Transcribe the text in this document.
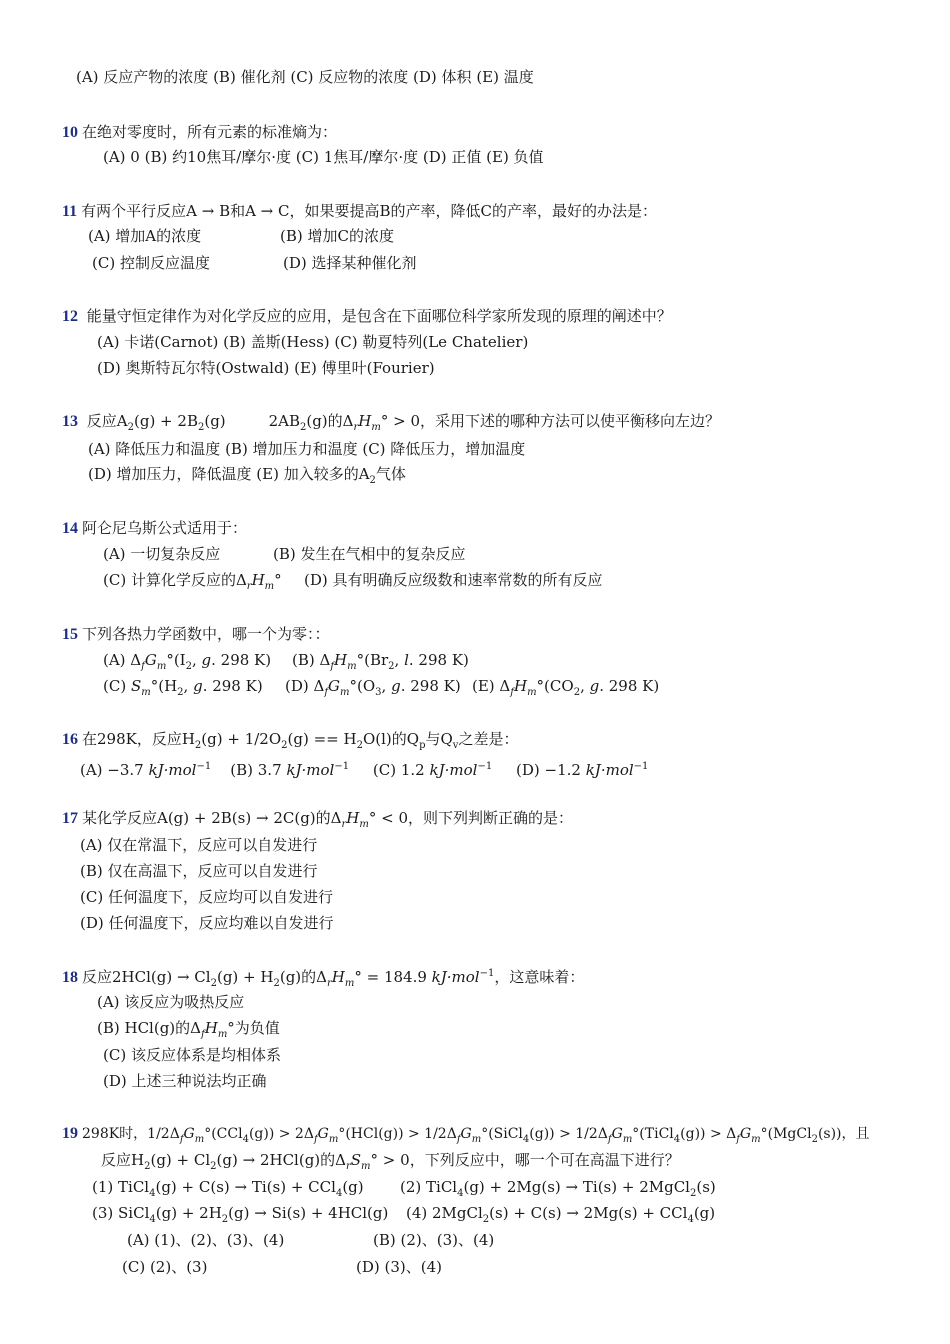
(A) 反应产物的浓度 (B) 催化剂 (C) 反应物的浓度 (D) 体积 (E) 温度
10 在绝对零度时，所有元素的标准熵为：
(A) 0 (B) 约10焦耳/摩尔·度 (C) 1焦耳/摩尔·度 (D) 正值 (E) 负值
11 有两个平行反应A → B和A → C，如果要提高B的产率，降低C的产率，最好的办法是：
(A) 增加A的浓度	(B) 增加C的浓度
(C) 控制反应温度	(D) 选择某种催化剂
12 能量守恒定律作为对化学反应的应用，是包含在下面哪位科学家所发现的原理的阐述中？
(A) 卡诺(Carnot) (B) 盖斯(Hess) (C) 勒夏特列(Le Chatelier)
(D) 奥斯特瓦尔特(Ostwald) (E) 傅里叶(Fourier)
13 反应$A_2(g) + 2B_2(g)$         $2AB_2(g)$的$\Delta_rH_m^\circ > 0$，采用下述的哪种方法可以使平衡移向左边？
(A) 降低压力和温度 (B) 增加压力和温度 (C) 降低压力，增加温度
(D) 增加压力，降低温度 (E) 加入较多的$A_2$气体
14 阿仑尼乌斯公式适用于：
(A) 一切复杂反应	(B) 发生在气相中的复杂反应
(C) 计算化学反应的$\Delta_rH_m^\circ$ (D) 具有明确反应级数和速率常数的所有反应
15 下列各热力学函数中，哪一个为零：：
(A) $\Delta_fG_m^\circ(I_2$, g. 298 K) (B) $\Delta_fH_m^\circ(Br_2$, l. 298 K)
(C) $S_m^\circ(H_2$, g. 298 K) (D) $\Delta_fG_m^\circ(O_3$, g. 298 K) (E) $\Delta_fH_m^\circ(CO_2$, g. 298 K)
16 在298K，反应$H_2(g) + 1/2O_2(g) == H_2O(l)$的$Q_p$与$Q_v$之差是：
(A) −3.7 kJ·mol$^{-1}$    (B) 3.7 kJ·mol$^{-1}$     (C) 1.2 kJ·mol$^{-1}$     (D) −1.2 kJ·mol$^{-1}$
17 某化学反应A(g) + 2B(s) → 2C(g)的$\Delta_rH_m^\circ < 0$，则下列判断正确的是：
(A) 仅在常温下，反应可以自发进行
(B) 仅在高温下，反应可以自发进行
(C) 任何温度下，反应均可以自发进行
(D) 任何温度下，反应均难以自发进行
18 反应$2HCl(g) \to Cl_2(g) + H_2(g)$的$\Delta_rH_m^\circ = 184.9$ kJ·mol$^{-1}$，这意味着：
(A) 该反应为吸热反应
(B) HCl(g)的$\Delta_fH_m^\circ$为负值
(C) 该反应体系是均相体系
(D) 上述三种说法均正确
19 298K时，$1/2\Delta_fG_m^\circ(CCl_4(g)) > 2\Delta_fG_m^\circ(HCl(g))$ > $1/2\Delta_fG_m^\circ(SiCl_4(g))$ > $1/2\Delta_fG_m^\circ(TiCl_4(g))$ > $\Delta_fG_m^\circ(MgCl_2(s))$，且
反应$H_2(g) + Cl_2(g) \to 2HCl(g)$的$\Delta_rS_m^\circ > 0$，下列反应中，哪一个可在高温下进行？
(1) TiCl$_4$(g) + C(s) → Ti(s) + CCl$_4$(g) (2) TiCl$_4$(g) + 2Mg(s) → Ti(s) + 2MgCl$_2$(s)
(3) SiCl$_4$(g) + $2H_2(g) \to Si(s) + 4HCl(g)$ (4) 2MgCl$_2$(s) + C(s) → 2Mg(s) + CCl$_4$(g)
(A) (1)、(2)、(3)、(4)	(B) (2)、(3)、(4)
(C) (2)、(3)	(D) (3)、(4)
